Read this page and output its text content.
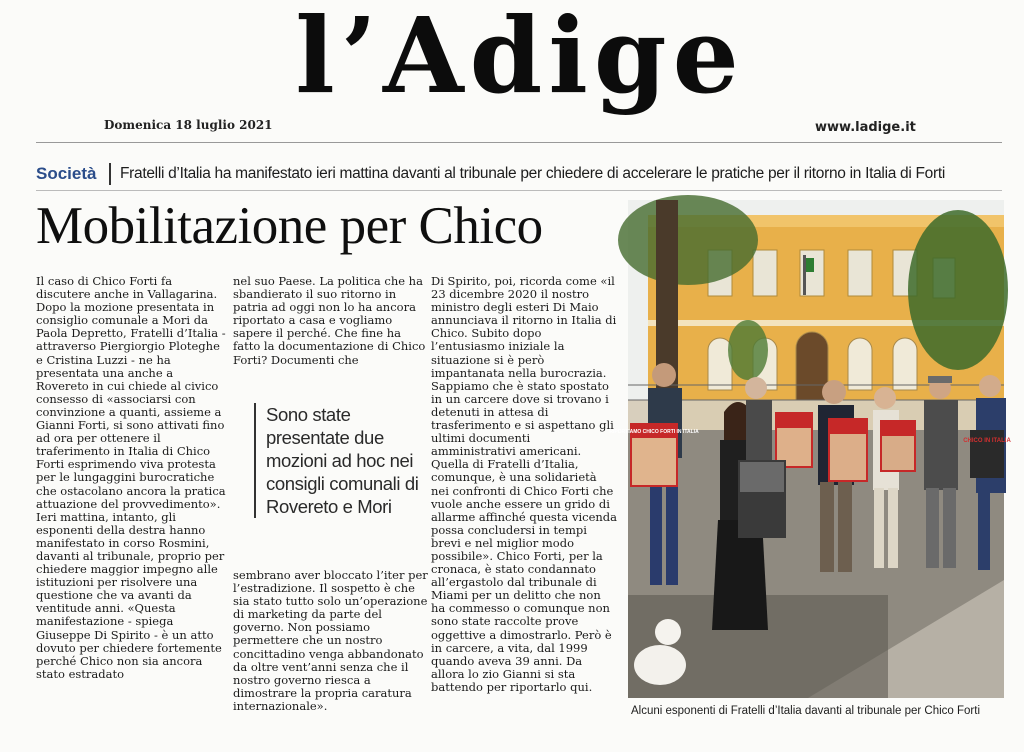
l’Adige
Domenica 18 luglio 2021	www.ladige.it
Società Fratelli d’Italia ha manifestato ieri mattina davanti al tribunale per chiedere di accelerare le pratiche per il ritorno in Italia di Forti
Mobilitazione per Chico
Il caso di Chico Forti fa discutere anche in Vallagarina. Dopo la mozione presentata in consiglio comunale a Mori da Paola Depretto, Fratelli d’Italia - attraverso Piergiorgio Ploteghe e Cristina Luzzi - ne ha presentata una anche a Rovereto in cui chiede al civico consesso di «associarsi con convinzione a quanti, assieme a Gianni Forti, si sono attivati fino ad ora per ottenere il traferimento in Italia di Chico Forti esprimendo viva protesta per le lungaggini burocratiche che ostacolano ancora la pratica attuazione del provvedimento». Ieri mattina, intanto, gli esponenti della destra hanno manifestato in corso Rosmini, davanti al tribunale, proprio per chiedere maggior impegno alle istituzioni per risolvere una questione che va avanti da ventitude anni. «Questa manifestazione - spiega Giuseppe Di Spirito - è un atto dovuto per chiedere fortemente perché Chico non sia ancora stato estradato
nel suo Paese. La politica che ha sbandierato il suo ritorno in patria ad oggi non lo ha ancora riportato a casa e vogliamo sapere il perché. Che fine ha fatto la documentazione di Chico Forti? Documenti che
Sono state presentate due mozioni ad hoc nei consigli comunali di Rovereto e Mori
sembrano aver bloccato l’iter per l’estradizione. Il sospetto è che sia stato tutto solo un’operazione di marketing da parte del governo. Non possiamo permettere che un nostro concittadino venga abbandonato da oltre vent’anni senza che il nostro governo riesca a dimostrare la propria caratura internazionale».
Di Spirito, poi, ricorda come «il 23 dicembre 2020 il nostro ministro degli esteri Di Maio annunciava il ritorno in Italia di Chico. Subito dopo l’entusiasmo iniziale la situazione si è però impantanata nella burocrazia. Sappiamo che è stato spostato in un carcere dove si trovano i detenuti in attesa di trasferimento e si aspettano gli ultimi documenti amministrativi americani. Quella di Fratelli d’Italia, comunque, è una solidarietà nei confronti di Chico Forti che vuole anche essere un grido di allarme affinché questa vicenda possa concludersi in tempi brevi e nel miglior modo possibile». Chico Forti, per la cronaca, è stato condannato all’ergastolo dal tribunale di Miami per un delitto che non ha commesso o comunque non sono state raccolte prove oggettive a dimostrarlo. Però è in carcere, a vita, dal 1999 quando aveva 39 anni. Da allora lo zio Gianni si sta battendo per riportarlo qui.
RIPORTIAMO CHICO FORTI IN ITALIA
CHICO IN ITALIA
Alcuni esponenti di Fratelli d’Italia davanti al tribunale per Chico Forti
